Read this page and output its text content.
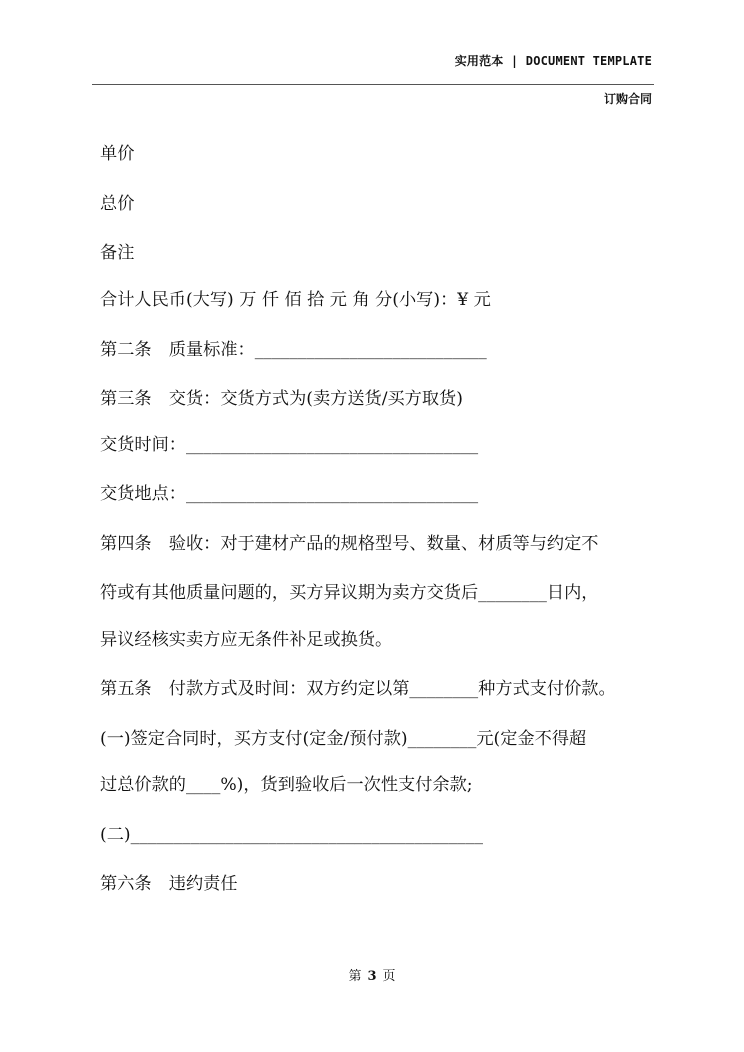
实用范本 | DOCUMENT TEMPLATE
订购合同
单价
总价
备注
合计人民币(大写) 万 仟 佰 拾 元 角 分(小写)：¥ 元
第二条　质量标准：___________________________
第三条　交货：交货方式为(卖方送货/买方取货)
交货时间：__________________________________
交货地点：__________________________________
第四条　验收：对于建材产品的规格型号、数量、材质等与约定不
符或有其他质量问题的，买方异议期为卖方交货后________日内，
异议经核实卖方应无条件补足或换货。
第五条　付款方式及时间：双方约定以第________种方式支付价款。
(一)签定合同时，买方支付(定金/预付款)________元(定金不得超
过总价款的____%)，货到验收后一次性支付余款;
(二)_________________________________________
第六条　违约责任
第 3 页
